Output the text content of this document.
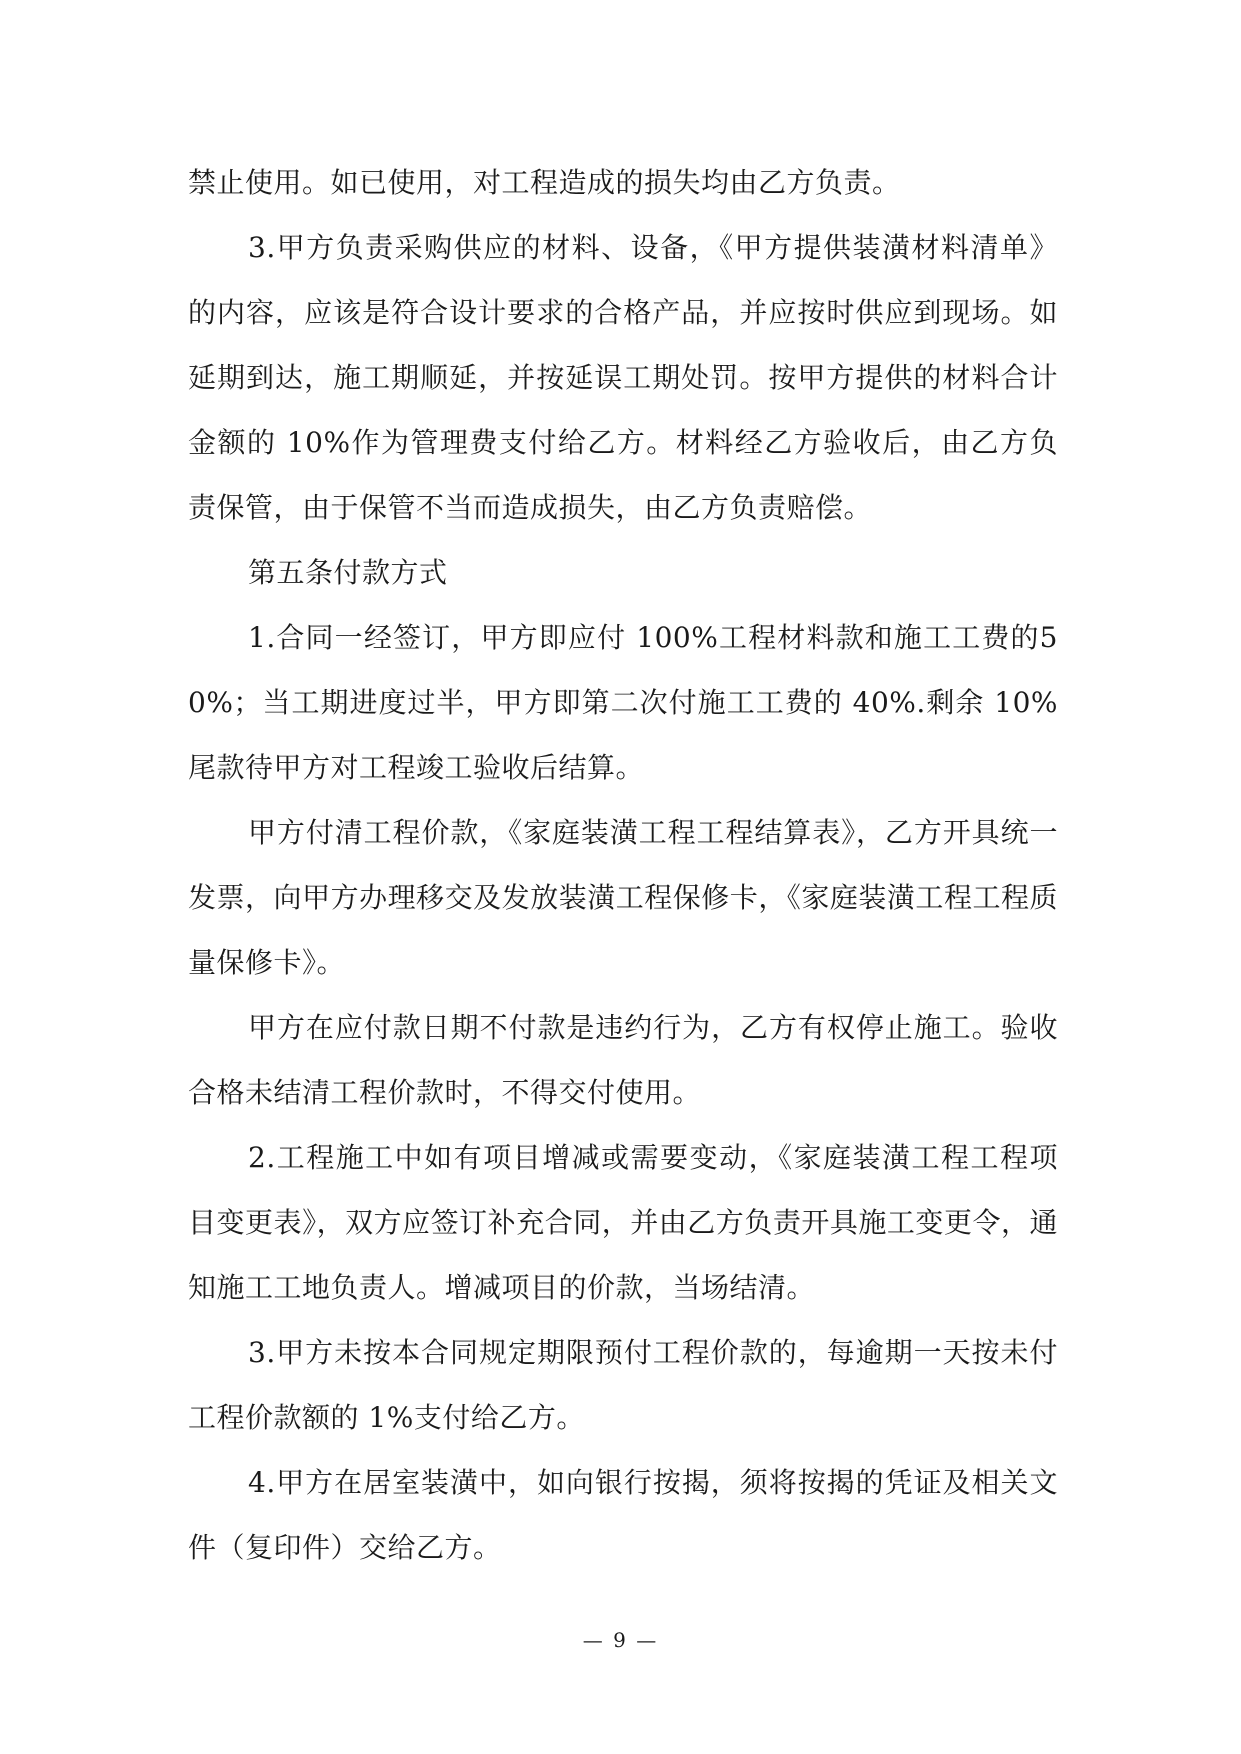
禁止使用。如已使用，对工程造成的损失均由乙方负责。

3.甲方负责采购供应的材料、设备，《甲方提供装潢材料清单》的内容，应该是符合设计要求的合格产品，并应按时供应到现场。如延期到达，施工期顺延，并按延误工期处罚。按甲方提供的材料合计金额的 10%作为管理费支付给乙方。材料经乙方验收后，由乙方负责保管，由于保管不当而造成损失，由乙方负责赔偿。

第五条付款方式

1.合同一经签订，甲方即应付 100%工程材料款和施工工费的50%；当工期进度过半，甲方即第二次付施工工费的 40%.剩余 10%尾款待甲方对工程竣工验收后结算。

甲方付清工程价款，《家庭装潢工程工程结算表》，乙方开具统一发票，向甲方办理移交及发放装潢工程保修卡，《家庭装潢工程工程质量保修卡》。

甲方在应付款日期不付款是违约行为，乙方有权停止施工。验收合格未结清工程价款时，不得交付使用。

2.工程施工中如有项目增减或需要变动，《家庭装潢工程工程项目变更表》，双方应签订补充合同，并由乙方负责开具施工变更令，通知施工工地负责人。增减项目的价款，当场结清。

3.甲方未按本合同规定期限预付工程价款的，每逾期一天按未付工程价款额的 1%支付给乙方。

4.甲方在居室装潢中，如向银行按揭，须将按揭的凭证及相关文件（复印件）交给乙方。

— 9 —
